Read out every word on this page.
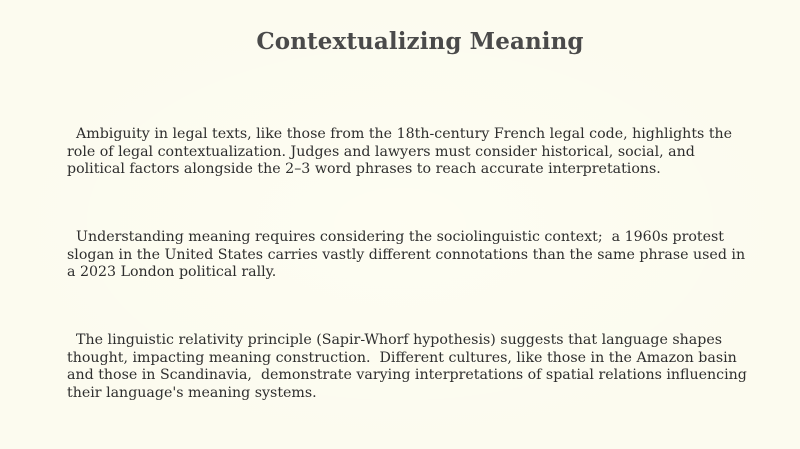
Contextualizing Meaning
Ambiguity in legal texts, like those from the 18th-century French legal code, highlights the role of legal contextualization. Judges and lawyers must consider historical, social, and political factors alongside the 2–3 word phrases to reach accurate interpretations.
Understanding meaning requires considering the sociolinguistic context;  a 1960s protest slogan in the United States carries vastly different connotations than the same phrase used in a 2023 London political rally.
The linguistic relativity principle (Sapir-Whorf hypothesis) suggests that language shapes thought, impacting meaning construction.  Different cultures, like those in the Amazon basin and those in Scandinavia,  demonstrate varying interpretations of spatial relations influencing their language's meaning systems.
